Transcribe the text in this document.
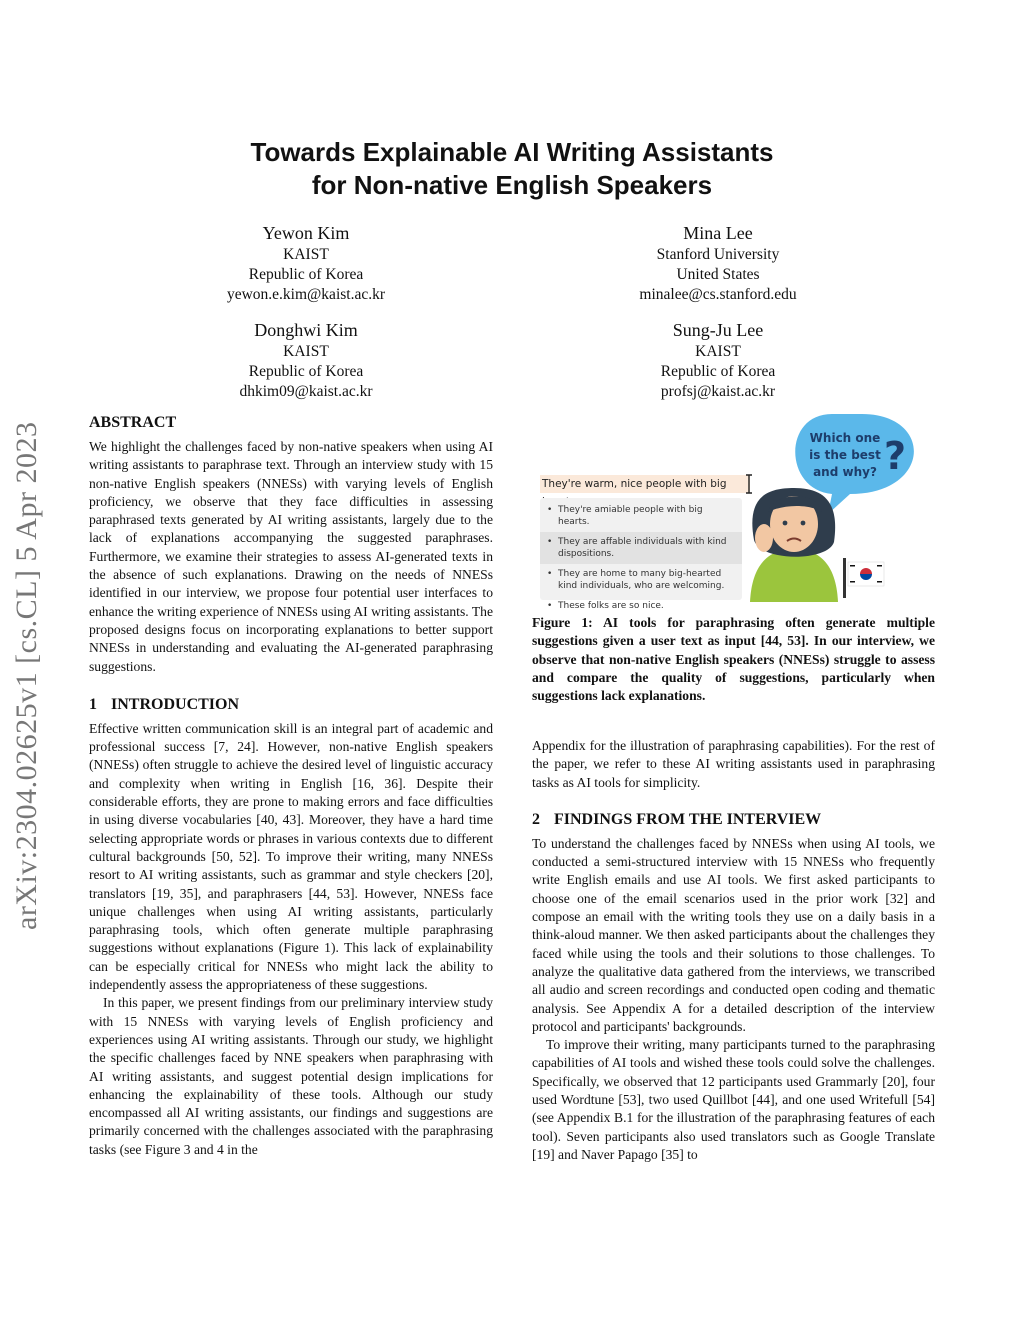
arXiv:2304.02625v1 [cs.CL] 5 Apr 2023
Towards Explainable AI Writing Assistants
for Non-native English Speakers
Yewon Kim
KAIST
Republic of Korea
yewon.e.kim@kaist.ac.kr
Mina Lee
Stanford University
United States
minalee@cs.stanford.edu
Donghwi Kim
KAIST
Republic of Korea
dhkim09@kaist.ac.kr
Sung-Ju Lee
KAIST
Republic of Korea
profsj@kaist.ac.kr
ABSTRACT

We highlight the challenges faced by non-native speakers when using AI writing assistants to paraphrase text. Through an interview study with 15 non-native English speakers (NNESs) with varying levels of English proficiency, we observe that they face difficulties in assessing paraphrased texts generated by AI writing assistants, largely due to the lack of explanations accompanying the suggested paraphrases. Furthermore, we examine their strategies to assess AI-generated texts in the absence of such explanations. Drawing on the needs of NNESs identified in our interview, we propose four potential user interfaces to enhance the writing experience of NNESs using AI writing assistants. The proposed designs focus on incorporating explanations to better support NNESs in understanding and evaluating the AI-generated paraphrasing suggestions.

1 INTRODUCTION

Effective written communication skill is an integral part of academic and professional success [7, 24]. However, non-native English speakers (NNESs) often struggle to achieve the desired level of linguistic accuracy and complexity when writing in English [16, 36]. Despite their considerable efforts, they are prone to making errors and face difficulties in using diverse vocabularies [40, 43]. Moreover, they have a hard time selecting appropriate words or phrases in various contexts due to different cultural backgrounds [50, 52]. To improve their writing, many NNESs resort to AI writing assistants, such as grammar and style checkers [20], translators [19, 35], and paraphrasers [44, 53]. However, NNESs face unique challenges when using AI writing assistants, particularly paraphrasing tools, which often generate multiple paraphrasing suggestions without explanations (Figure 1). This lack of explainability can be especially critical for NNESs who might lack the ability to independently assess the appropriateness of these suggestions.

In this paper, we present findings from our preliminary interview study with 15 NNESs with varying levels of English proficiency and experiences using AI writing assistants. Through our study, we highlight the specific challenges faced by NNE speakers when paraphrasing with AI writing assistants, and suggest potential design implications for enhancing the explainability of these tools. Although our study encompassed all AI writing assistants, our findings and suggestions are primarily concerned with the challenges associated with the paraphrasing tasks (see Figure 3 and 4 in the

They're warm, nice people with big
• They're amiable people with big hearts.
• They are affable individuals with kind dispositions.
• They are home to many big-hearted kind individuals, who are welcoming.
• These folks are so nice.
Which one
is the best
and why? ?
Figure 1: AI tools for paraphrasing often generate multiple suggestions given a user text as input [44, 53]. In our interview, we observe that non-native English speakers (NNESs) struggle to assess and compare the quality of suggestions, particularly when suggestions lack explanations.

Appendix for the illustration of paraphrasing capabilities). For the rest of the paper, we refer to these AI writing assistants used in paraphrasing tasks as AI tools for simplicity.

2 FINDINGS FROM THE INTERVIEW

To understand the challenges faced by NNESs when using AI tools, we conducted a semi-structured interview with 15 NNESs who frequently write English emails and use AI tools. We first asked participants to choose one of the email scenarios used in the prior work [32] and compose an email with the writing tools they use on a daily basis in a think-aloud manner. We then asked participants about the challenges they faced while using the tools and their solutions to those challenges. To analyze the qualitative data gathered from the interviews, we transcribed all audio and screen recordings and conducted open coding and thematic analysis. See Appendix A for a detailed description of the interview protocol and participants' backgrounds.

To improve their writing, many participants turned to the paraphrasing capabilities of AI tools and wished these tools could solve the challenges. Specifically, we observed that 12 participants used Grammarly [20], four used Wordtune [53], two used Quillbot [44], and one used Writefull [54] (see Appendix B.1 for the illustration of the paraphrasing features of each tool). Seven participants also used translators such as Google Translate [19] and Naver Papago [35] to
